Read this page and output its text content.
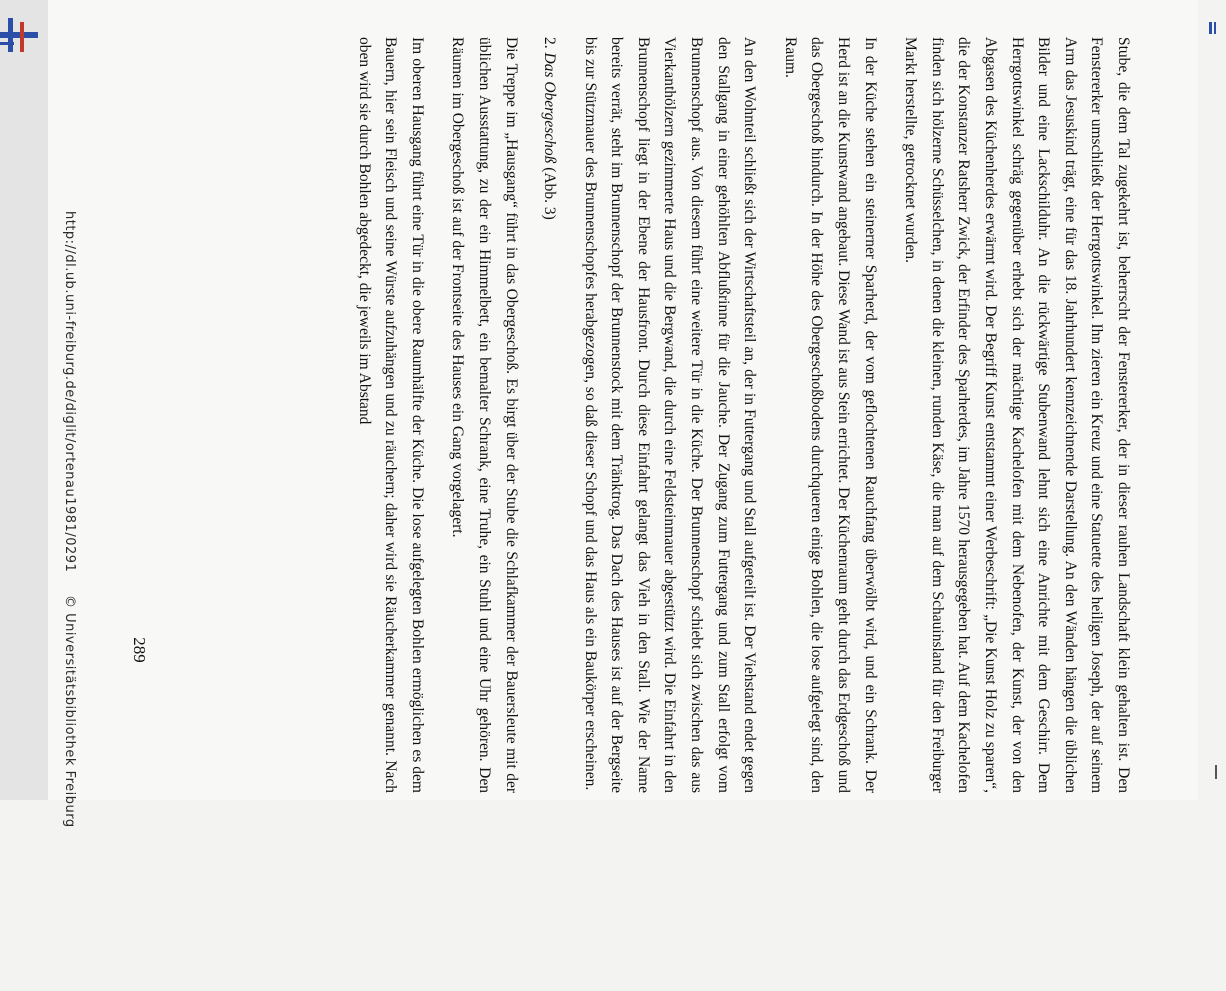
Stube, die dem Tal zugekehrt ist, beherrscht der Fenstererker, der in dieser rauhen Landschaft klein gehalten ist. Den Fenstererker umschließt der Herrgottswinkel. Ihn zieren ein Kreuz und eine Statuette des heiligen Joseph, der auf seinem Arm das Jesuskind trägt, eine für das 18. Jahrhundert kennzeichnende Darstellung. An den Wänden hängen die üblichen Bilder und eine Lackschilduhr. An die rückwärtige Stubenwand lehnt sich eine Anrichte mit dem Geschirr. Dem Herrgottswinkel schräg gegenüber erhebt sich der mächtige Kachelofen mit dem Nebenofen, der Kunst, der von den Abgasen des Küchenherdes erwärmt wird. Der Begriff Kunst entstammt einer Werbeschrift: „Die Kunst Holz zu sparen“, die der Konstanzer Ratsherr Zwick, der Erfinder des Sparherdes, im Jahre 1570 herausgegeben hat. Auf dem Kachelofen finden sich hölzerne Schüsselchen, in denen die kleinen, runden Käse, die man auf dem Schauinsland für den Freiburger Markt herstellte, getrocknet wurden.

In der Küche stehen ein steinerner Sparherd, der vom geflochtenen Rauchfang überwölbt wird, und ein Schrank. Der Herd ist an die Kunstwand angebaut. Diese Wand ist aus Stein errichtet. Der Küchenraum geht durch das Erdgeschoß und das Obergeschoß hindurch. In der Höhe des Obergeschoßbodens durchqueren einige Bohlen, die lose aufgelegt sind, den Raum.

An den Wohnteil schließt sich der Wirtschaftsteil an, der in Futtergang und Stall aufgeteilt ist. Der Viehstand endet gegen den Stallgang in einer gehöhlten Abflußrinne für die Jauche. Der Zugang zum Futtergang und zum Stall erfolgt vom Brunnenschopf aus. Von diesem führt eine weitere Tür in die Küche. Der Brunnenschopf schiebt sich zwischen das aus Vierkanthölzern gezimmerte Haus und die Bergwand, die durch eine Feldsteinmauer abgestützt wird. Die Einfahrt in den Brunnenschopf liegt in der Ebene der Hausfront. Durch diese Einfahrt gelangt das Vieh in den Stall. Wie der Name bereits verrät, steht im Brunnenschopf der Brunnenstock mit dem Tränktrog. Das Dach des Hauses ist auf der Bergseite bis zur Stützmauer des Brunnenschopfes herabgezogen, so daß dieser Schopf und das Haus als ein Baukörper erscheinen.

2. Das Obergeschoß (Abb. 3)

Die Treppe im „Hausgang“ führt in das Obergeschoß. Es birgt über der Stube die Schlafkammer der Bauersleute mit der üblichen Ausstattung, zu der ein Himmelbett, ein bemalter Schrank, eine Truhe, ein Stuhl und eine Uhr gehören. Den Räumen im Obergeschoß ist auf der Frontseite des Hauses ein Gang vorgelagert.

Im oberen Hausgang führt eine Tür in die obere Raumhälfte der Küche. Die lose aufgelegten Bohlen ermöglichen es dem Bauern, hier sein Fleisch und seine Würste aufzuhängen und zu räuchern; daher wird sie Räucherkammer genannt. Nach oben wird sie durch Bohlen abgedeckt, die jeweils im Abstand

289
http://dl.ub.uni-freiburg.de/diglit/ortenau1981/0291 © Universitätsbibliothek Freiburg
